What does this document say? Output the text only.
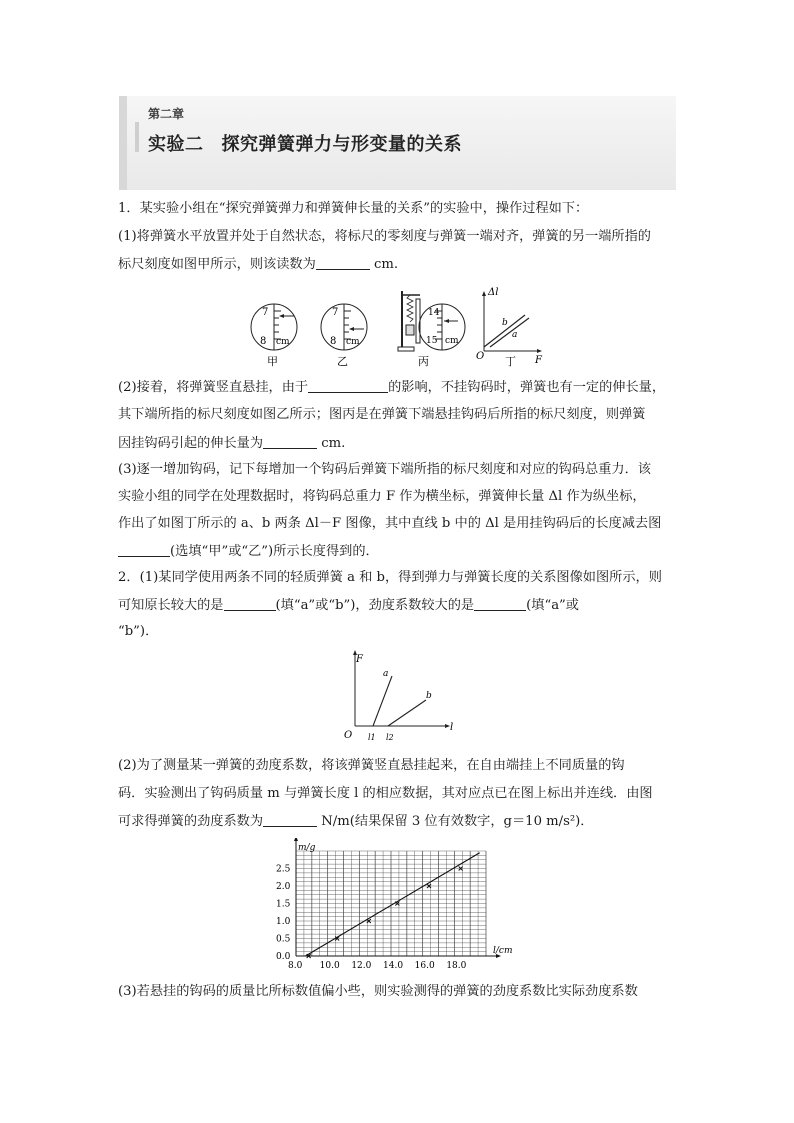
第二章
实验二 探究弹簧弹力与形变量的关系
1．某实验小组在“探究弹簧弹力和弹簧伸长量的关系”的实验中，操作过程如下：
(1)将弹簧水平放置并处于自然状态，将标尺的零刻度与弹簧一端对齐，弹簧的另一端所指的
标尺刻度如图甲所示，则该读数为	cm.
7
8 cm
甲
7
8 cm
乙
14
15 cm
丙
Δl
F
O
a
b
丁
(2)接着，将弹簧竖直悬挂，由于	的影响，不挂钩码时，弹簧也有一定的伸长量，
其下端所指的标尺刻度如图乙所示；图丙是在弹簧下端悬挂钩码后所指的标尺刻度，则弹簧
因挂钩码引起的伸长量为	cm.
(3)逐一增加钩码，记下每增加一个钩码后弹簧下端所指的标尺刻度和对应的钩码总重力．该
实验小组的同学在处理数据时，将钩码总重力 F 作为横坐标，弹簧伸长量 Δl 作为纵坐标，
作出了如图丁所示的 a、b 两条 Δl－F 图像，其中直线 b 中的 Δl 是用挂钩码后的长度减去图
(选填“甲”或“乙”)所示长度得到的．
2．(1)某同学使用两条不同的轻质弹簧 a 和 b，得到弹力与弹簧长度的关系图像如图所示，则
可知原长较大的是	(填“a”或“b”)，劲度系数较大的是	(填“a”或
“b”)．
F
l
O
a
b
l1 l2
(2)为了测量某一弹簧的劲度系数，将该弹簧竖直悬挂起来，在自由端挂上不同质量的钩
码．实验测出了钩码质量 m 与弹簧长度 l 的相应数据，其对应点已在图上标出并连线．由图
可求得弹簧的劲度系数为	N/m(结果保留 3 位有效数字，g＝10 m/s²)．
8.0 10.0 12.0 14.0 16.0 18.0
0.0
0.5
1.0
1.5
2.0
2.5
m/g
l/cm
(3)若悬挂的钩码的质量比所标数值偏小些，则实验测得的弹簧的劲度系数比实际劲度系数
